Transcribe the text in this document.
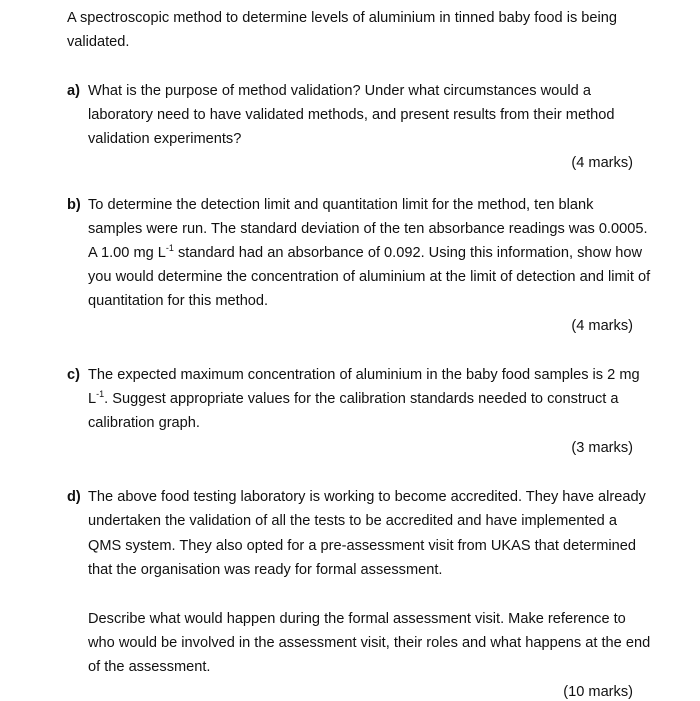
A spectroscopic method to determine levels of aluminium in tinned baby food is being
validated.
a) What is the purpose of method validation? Under what circumstances would a
laboratory need to have validated methods, and present results from their method
validation experiments?
(4 marks)
b) To determine the detection limit and quantitation limit for the method, ten blank
samples were run. The standard deviation of the ten absorbance readings was 0.0005.
A 1.00 mg $L^{-1}$ standard had an absorbance of 0.092. Using this information, show how
you would determine the concentration of aluminium at the limit of detection and limit of
quantitation for this method.
(4 marks)
c) The expected maximum concentration of aluminium in the baby food samples is 2 mg
$L^{-1}$. Suggest appropriate values for the calibration standards needed to construct a
calibration graph.
(3 marks)
d) The above food testing laboratory is working to become accredited. They have already
undertaken the validation of all the tests to be accredited and have implemented a
QMS system. They also opted for a pre-assessment visit from UKAS that determined
that the organisation was ready for formal assessment.
Describe what would happen during the formal assessment visit. Make reference to
who would be involved in the assessment visit, their roles and what happens at the end
of the assessment.
(10 marks)
